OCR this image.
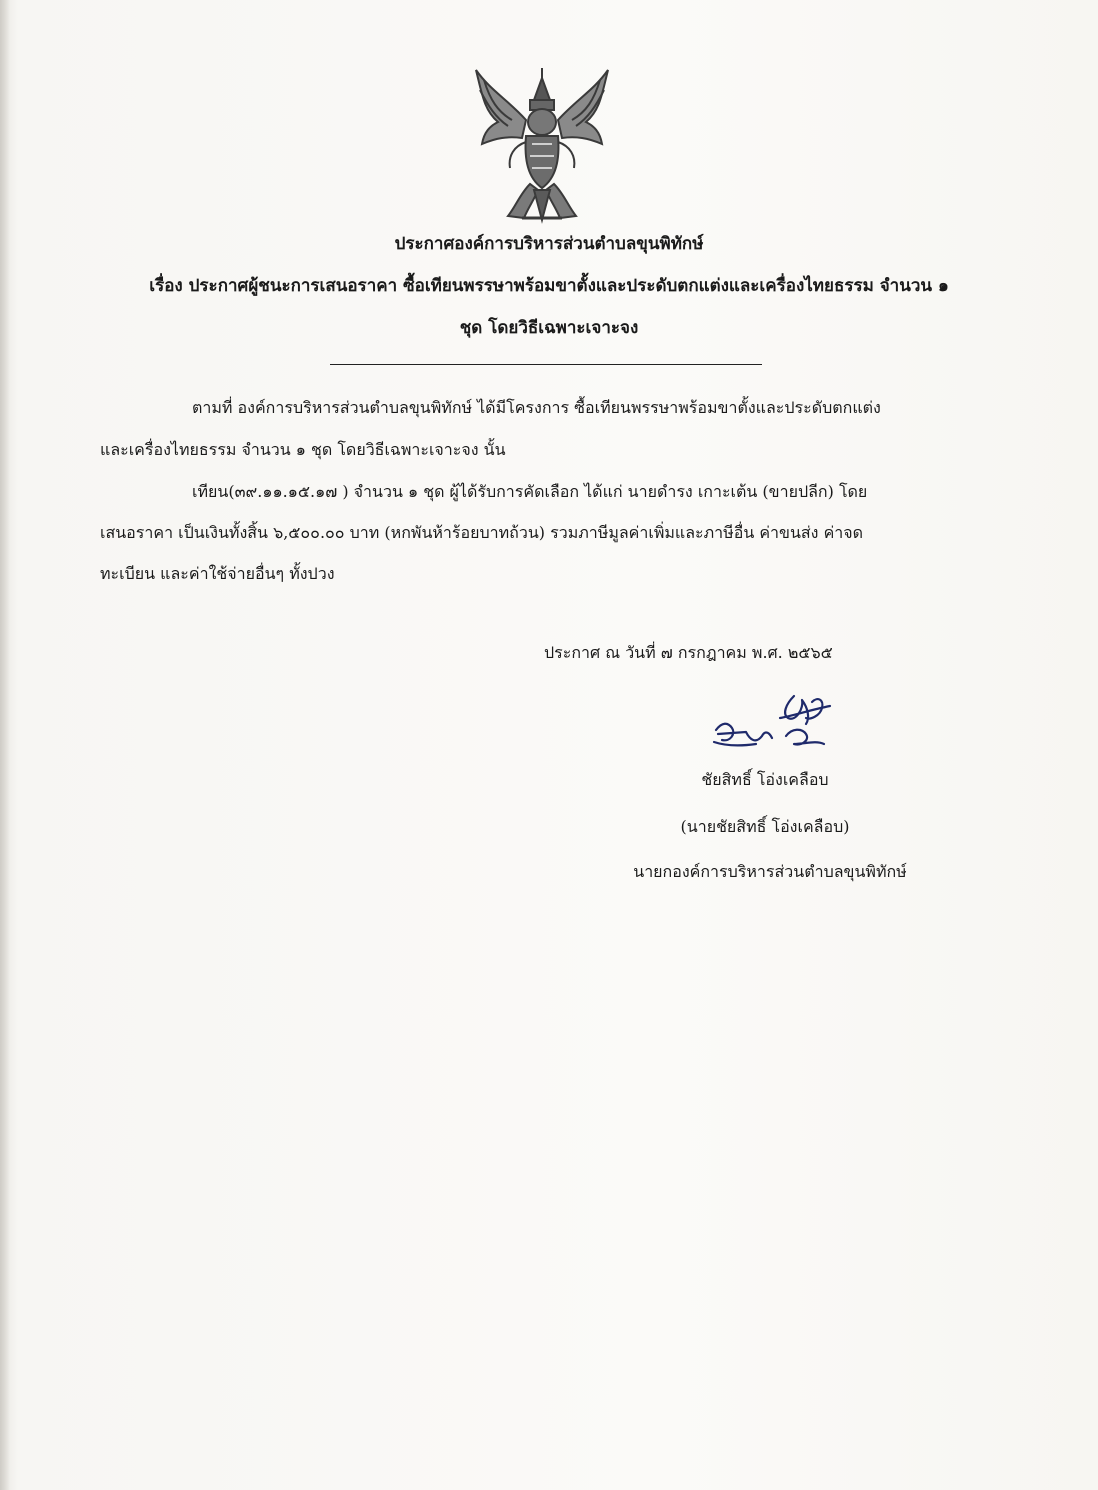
ประกาศองค์การบริหารส่วนตำบลขุนพิทักษ์
เรื่อง ประกาศผู้ชนะการเสนอราคา ซื้อเทียนพรรษาพร้อมขาตั้งและประดับตกแต่งและเครื่องไทยธรรม จำนวน ๑
ชุด โดยวิธีเฉพาะเจาะจง
ตามที่ องค์การบริหารส่วนตำบลขุนพิทักษ์ ได้มีโครงการ ซื้อเทียนพรรษาพร้อมขาตั้งและประดับตกแต่ง
และเครื่องไทยธรรม จำนวน ๑ ชุด โดยวิธีเฉพาะเจาะจง นั้น
เทียน(๓๙.๑๑.๑๕.๑๗ ) จำนวน ๑ ชุด ผู้ได้รับการคัดเลือก ได้แก่ นายดำรง เกาะเต้น (ขายปลีก) โดย
เสนอราคา เป็นเงินทั้งสิ้น ๖,๕๐๐.๐๐ บาท (หกพันห้าร้อยบาทถ้วน) รวมภาษีมูลค่าเพิ่มและภาษีอื่น ค่าขนส่ง ค่าจด
ทะเบียน และค่าใช้จ่ายอื่นๆ ทั้งปวง
ประกาศ ณ วันที่ ๗ กรกฎาคม พ.ศ. ๒๕๖๕
ชัยสิทธิ์ โอ่งเคลือบ
(นายชัยสิทธิ์ โอ่งเคลือบ)
นายกองค์การบริหารส่วนตำบลขุนพิทักษ์
